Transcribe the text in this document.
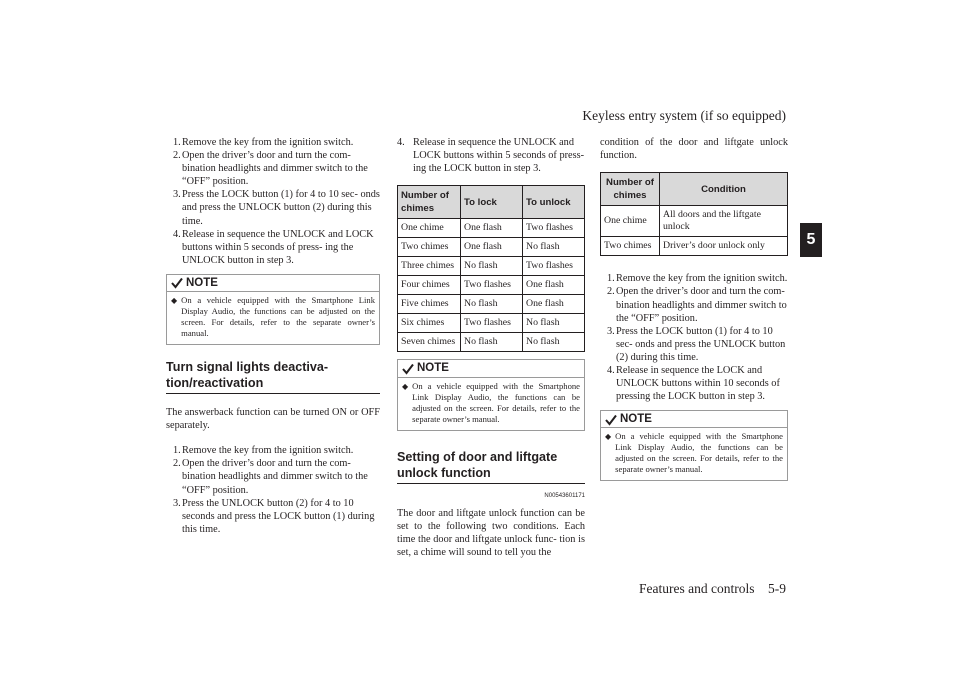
Keyless entry system (if so equipped)
5
1. Remove the key from the ignition switch.
2. Open the driver’s door and turn the com- bination headlights and dimmer switch to the “OFF” position.
3. Press the LOCK button (1) for 4 to 10 sec- onds and press the UNLOCK button (2) during this time.
4. Release in sequence the UNLOCK and LOCK buttons within 5 seconds of press- ing the UNLOCK button in step 3.
NOTE
◆ On a vehicle equipped with the Smartphone Link Display Audio, the functions can be adjusted on the screen. For details, refer to the separate owner’s manual.
Turn signal lights deactiva- tion/reactivation

The answerback function can be turned ON or OFF separately.

1. Remove the key from the ignition switch.
2. Open the driver’s door and turn the com- bination headlights and dimmer switch to the “OFF” position.
3. Press the UNLOCK button (2) for 4 to 10 seconds and press the LOCK button (1) during this time.
4. Release in sequence the UNLOCK and LOCK buttons within 5 seconds of press- ing the LOCK button in step 3.
Number of chimes	To lock	To unlock
One chime	One flash	Two flashes
Two chimes	One flash	No flash
Three chimes	No flash	Two flashes
Four chimes	Two flashes	One flash
Five chimes	No flash	One flash
Six chimes	Two flashes	No flash
Seven chimes	No flash	No flash
NOTE
◆ On a vehicle equipped with the Smartphone Link Display Audio, the functions can be adjusted on the screen. For details, refer to the separate owner’s manual.
Setting of door and liftgate unlock function
N00543601171

The door and liftgate unlock function can be set to the following two conditions. Each time the door and liftgate unlock func- tion is set, a chime will sound to tell you the

condition of the door and liftgate unlock function.

Number of chimes	Condition
One chime	All doors and the liftgate unlock
Two chimes	Driver’s door unlock only
1. Remove the key from the ignition switch.
2. Open the driver’s door and turn the com- bination headlights and dimmer switch to the “OFF” position.
3. Press the LOCK button (1) for 4 to 10 sec- onds and press the UNLOCK button (2) during this time.
4. Release in sequence the LOCK and UNLOCK buttons within 10 seconds of pressing the LOCK button in step 3.
NOTE
◆ On a vehicle equipped with the Smartphone Link Display Audio, the functions can be adjusted on the screen. For details, refer to the separate owner’s manual.
Features and controls    5-9
